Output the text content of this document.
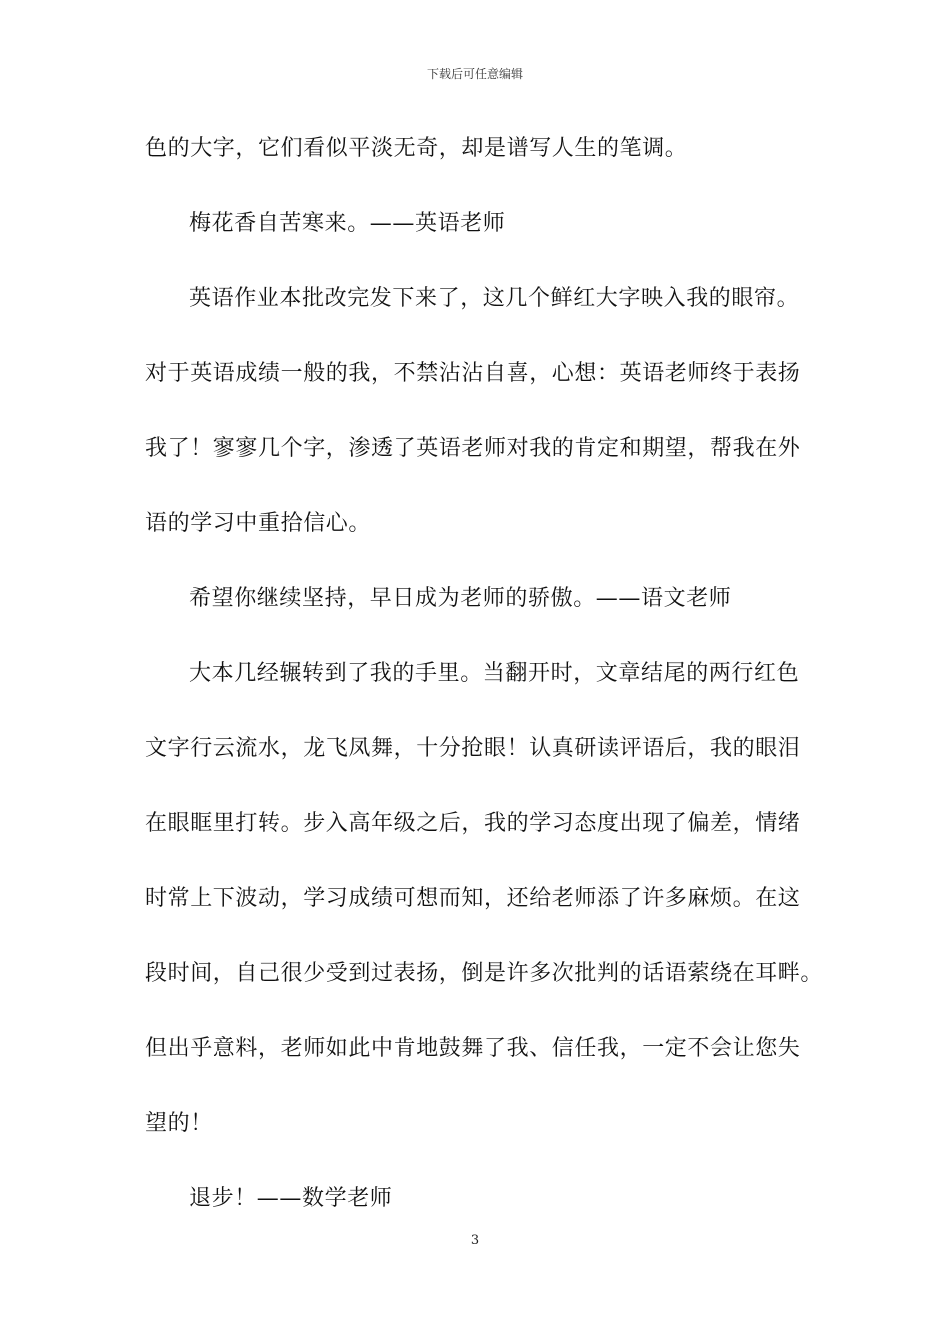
下载后可任意编辑
色的大字，它们看似平淡无奇，却是谱写人生的笔调。
梅花香自苦寒来。——英语老师
英语作业本批改完发下来了，这几个鲜红大字映入我的眼帘。
对于英语成绩一般的我，不禁沾沾自喜，心想：英语老师终于表扬
我了！寥寥几个字，渗透了英语老师对我的肯定和期望，帮我在外
语的学习中重拾信心。
希望你继续坚持，早日成为老师的骄傲。——语文老师
大本几经辗转到了我的手里。当翻开时，文章结尾的两行红色
文字行云流水，龙飞凤舞，十分抢眼！认真研读评语后，我的眼泪
在眼眶里打转。步入高年级之后，我的学习态度出现了偏差，情绪
时常上下波动，学习成绩可想而知，还给老师添了许多麻烦。在这
段时间，自己很少受到过表扬，倒是许多次批判的话语萦绕在耳畔。
但出乎意料，老师如此中肯地鼓舞了我、信任我，一定不会让您失
望的！
退步！——数学老师
3
